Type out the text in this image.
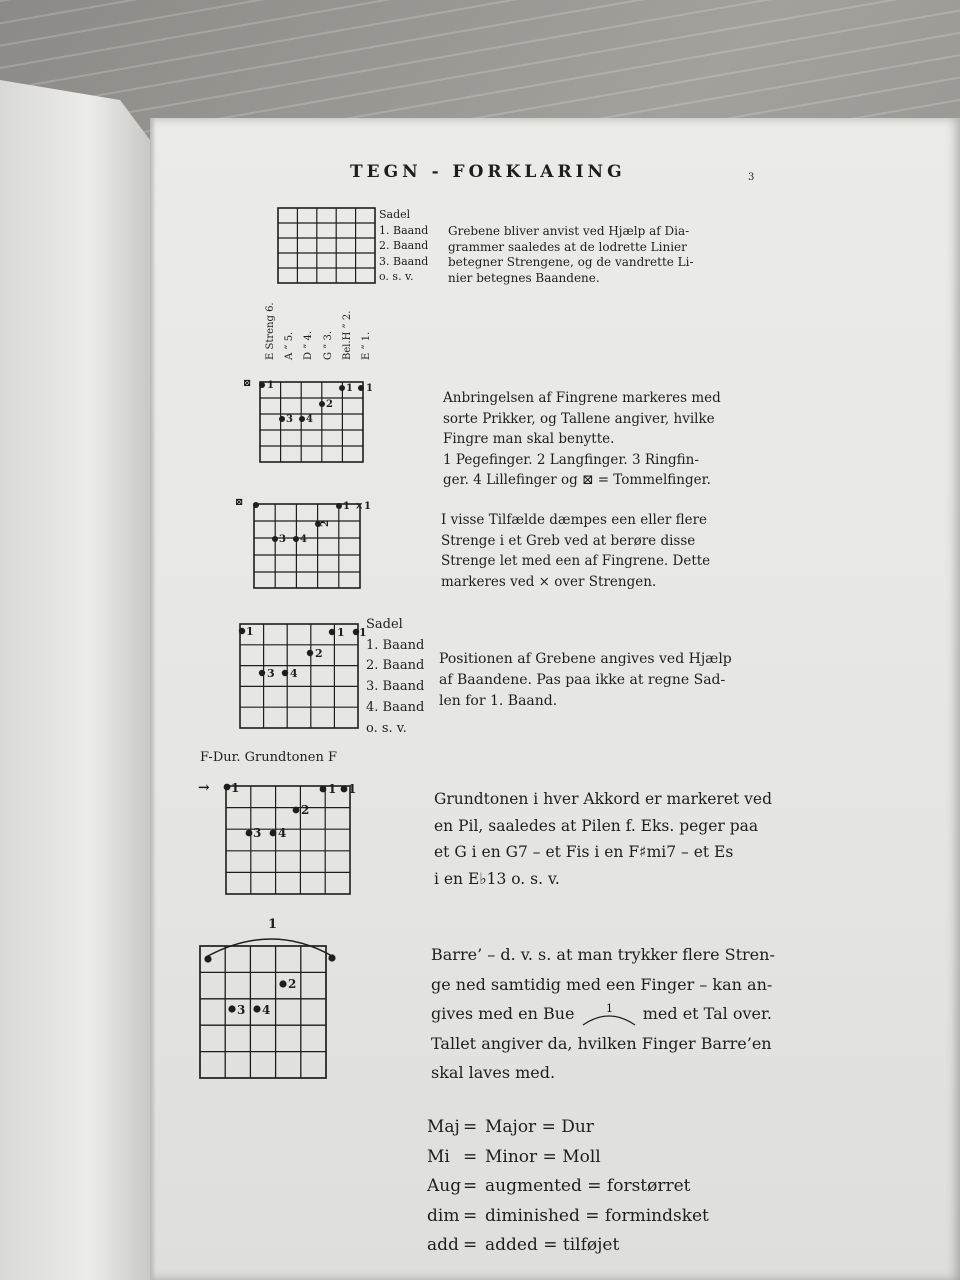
TEGN - FORKLARING	3
E Streng 6. A ” 5. D ” 4. G ” 3. Bel.H ” 2. E ” 1.
Sadel
1. Baand
2. Baand
3. Baand
o. s. v.
Grebene bliver anvist ved Hjælp af Dia-
grammer saaledes at de lodrette Linier
betegner Strengene, og de vandrette Li-
nier betegnes Baandene.
⊠ 1	1 1
2
3 4
Anbringelsen af Fingrene markeres med
sorte Prikker, og Tallene angiver, hvilke
Fingre man skal benytte.
1 Pegefinger. 2 Langfinger. 3 Ringfin-
ger. 4 Lillefinger og ⊠ = Tommelfinger.
⊠	1 × 1
2
3 4
I visse Tilfælde dæmpes een eller flere
Strenge i et Greb ved at berøre disse
Strenge let med een af Fingrene. Dette
markeres ved × over Strengen.
1	1 1
2
3 4
Sadel
1. Baand
2. Baand
3. Baand
4. Baand
o. s. v.
Positionen af Grebene angives ved Hjælp
af Baandene. Pas paa ikke at regne Sad-
len for 1. Baand.

F-Dur. Grundtonen F

→ 1	1 1
2
3 4
Grundtonen i hver Akkord er markeret ved
en Pil, saaledes at Pilen f. Eks. peger paa
et G i en G7 – et Fis i en F♯mi7 – et Es
i en E♭13 o. s. v.
1
2
3 4
Barre’ – d. v. s. at man trykker flere Stren-
ge ned samtidig med een Finger – kan an-
gives med en Bue	1 med et Tal over.
Tallet angiver da, hvilken Finger Barre’en
skal laves med.
Maj = Major = Dur
Mi = Minor = Moll
Aug = augmented = forstørret
dim = diminished = formindsket
add = added = tilføjet
